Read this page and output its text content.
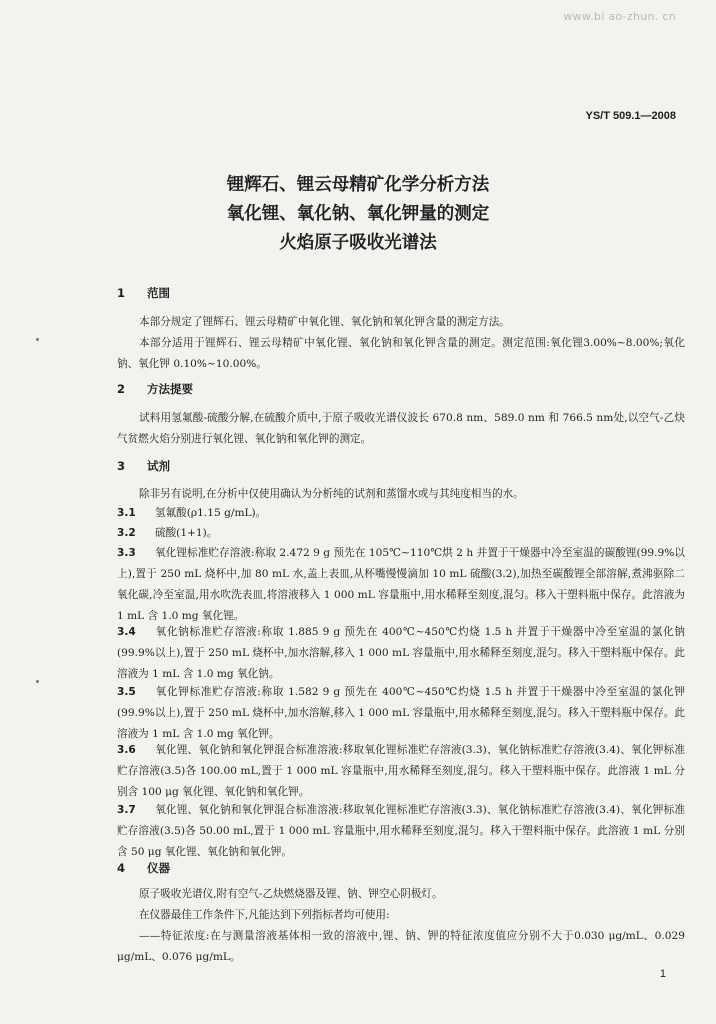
www.bi ao-zhun. cn
YS/T 509.1—2008
锂辉石、锂云母精矿化学分析方法
氧化锂、氧化钠、氧化钾量的测定
火焰原子吸收光谱法
1 范围
本部分规定了锂辉石、锂云母精矿中氧化锂、氧化钠和氧化钾含量的测定方法。
本部分适用于锂辉石、锂云母精矿中氧化锂、氧化钠和氧化钾含量的测定。测定范围:氧化锂3.00%~8.00%;氧化钠、氧化钾 0.10%~10.00%。
2 方法提要
试料用氢氟酸-硫酸分解,在硫酸介质中,于原子吸收光谱仪波长 670.8 nm、589.0 nm 和 766.5 nm处,以空气-乙炔气贫燃火焰分别进行氧化锂、氧化钠和氧化钾的测定。
3 试剂
除非另有说明,在分析中仅使用确认为分析纯的试剂和蒸馏水或与其纯度相当的水。
3.1 氢氟酸(ρ1.15 g/mL)。
3.2 硫酸(1+1)。
3.3 氧化锂标准贮存溶液:称取 2.472 9 g 预先在 105℃~110℃烘 2 h 并置于干燥器中冷至室温的碳酸锂(99.9%以上),置于 250 mL 烧杯中,加 80 mL 水,盖上表皿,从杯嘴慢慢滴加 10 mL 硫酸(3.2),加热至碳酸锂全部溶解,煮沸驱除二氧化碳,冷至室温,用水吹洗表皿,将溶液移入 1 000 mL 容量瓶中,用水稀释至刻度,混匀。移入干塑料瓶中保存。此溶液为 1 mL 含 1.0 mg 氧化锂。
3.4 氧化钠标准贮存溶液:称取 1.885 9 g 预先在 400℃~450℃灼烧 1.5 h 并置于干燥器中冷至室温的氯化钠(99.9%以上),置于 250 mL 烧杯中,加水溶解,移入 1 000 mL 容量瓶中,用水稀释至刻度,混匀。移入干塑料瓶中保存。此溶液为 1 mL 含 1.0 mg 氧化钠。
3.5 氧化钾标准贮存溶液:称取 1.582 9 g 预先在 400℃~450℃灼烧 1.5 h 并置于干燥器中冷至室温的氯化钾(99.9%以上),置于 250 mL 烧杯中,加水溶解,移入 1 000 mL 容量瓶中,用水稀释至刻度,混匀。移入干塑料瓶中保存。此溶液为 1 mL 含 1.0 mg 氧化钾。
3.6 氧化锂、氧化钠和氧化钾混合标准溶液:移取氧化锂标准贮存溶液(3.3)、氧化钠标准贮存溶液(3.4)、氧化钾标准贮存溶液(3.5)各 100.00 mL,置于 1 000 mL 容量瓶中,用水稀释至刻度,混匀。移入干塑料瓶中保存。此溶液 1 mL 分别含 100 μg 氧化锂、氧化钠和氧化钾。
3.7 氧化锂、氧化钠和氧化钾混合标准溶液:移取氧化锂标准贮存溶液(3.3)、氧化钠标准贮存溶液(3.4)、氧化钾标准贮存溶液(3.5)各 50.00 mL,置于 1 000 mL 容量瓶中,用水稀释至刻度,混匀。移入干塑料瓶中保存。此溶液 1 mL 分别含 50 μg 氧化锂、氧化钠和氧化钾。
4 仪器
原子吸收光谱仪,附有空气-乙炔燃烧器及锂、钠、钾空心阴极灯。
在仪器最佳工作条件下,凡能达到下列指标者均可使用:
——特征浓度:在与测量溶液基体相一致的溶液中,锂、钠、钾的特征浓度值应分别不大于0.030 μg/mL、0.029 μg/mL、0.076 μg/mL。
1
